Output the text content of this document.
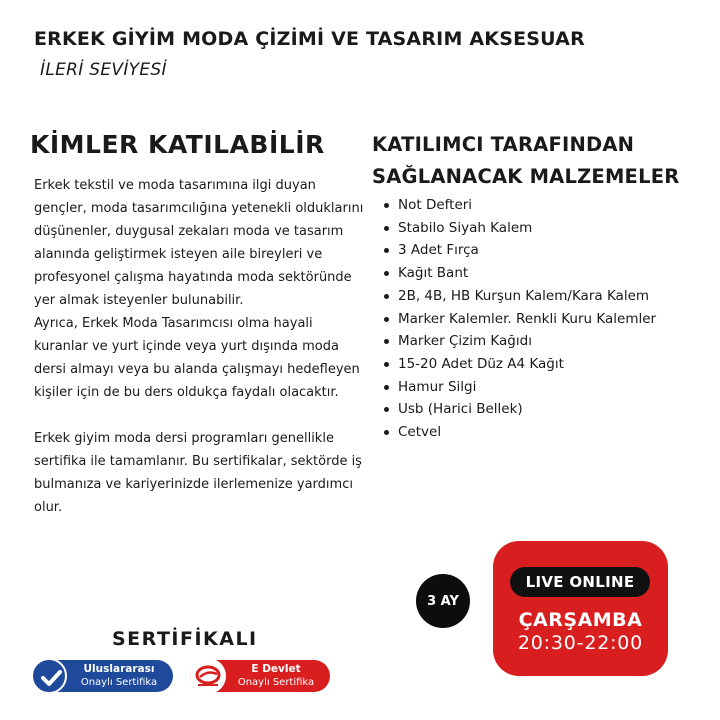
ERKEK GİYİM MODA ÇİZİMİ VE TASARIM AKSESUAR
İLERİ SEVİYESİ
KİMLER KATILABİLİR

Erkek tekstil ve moda tasarımına ilgi duyan gençler, moda tasarımcılığına yetenekli olduklarını düşünenler, duygusal zekaları moda ve tasarım alanında geliştirmek isteyen aile bireyleri ve profesyonel çalışma hayatında moda sektöründe yer almak isteyenler bulunabilir.

Ayrıca, Erkek Moda Tasarımcısı olma hayali kuranlar ve yurt içinde veya yurt dışında moda dersi almayı veya bu alanda çalışmayı hedefleyen kişiler için de bu ders oldukça faydalı olacaktır.

Erkek giyim moda dersi programları genellikle sertifika ile tamamlanır. Bu sertifikalar, sektörde iş bulmanıza ve kariyerinizde ilerlemenize yardımcı olur.

KATILIMCI TARAFINDAN
SAĞLANACAK MALZEMELER
Not Defteri
Stabilo Siyah Kalem
3 Adet Fırça
Kağıt Bant
2B, 4B, HB Kurşun Kalem/Kara Kalem
Marker Kalemler. Renkli Kuru Kalemler
Marker Çizim Kağıdı
15-20 Adet Düz A4 Kağıt
Hamur Silgi
Usb (Harici Bellek)
Cetvel
3 AY
LIVE ONLINE
ÇARŞAMBA
20:30-22:00
SERTİFİKALI
Uluslararası
Onaylı Sertifika
E Devlet
Onaylı Sertifika
